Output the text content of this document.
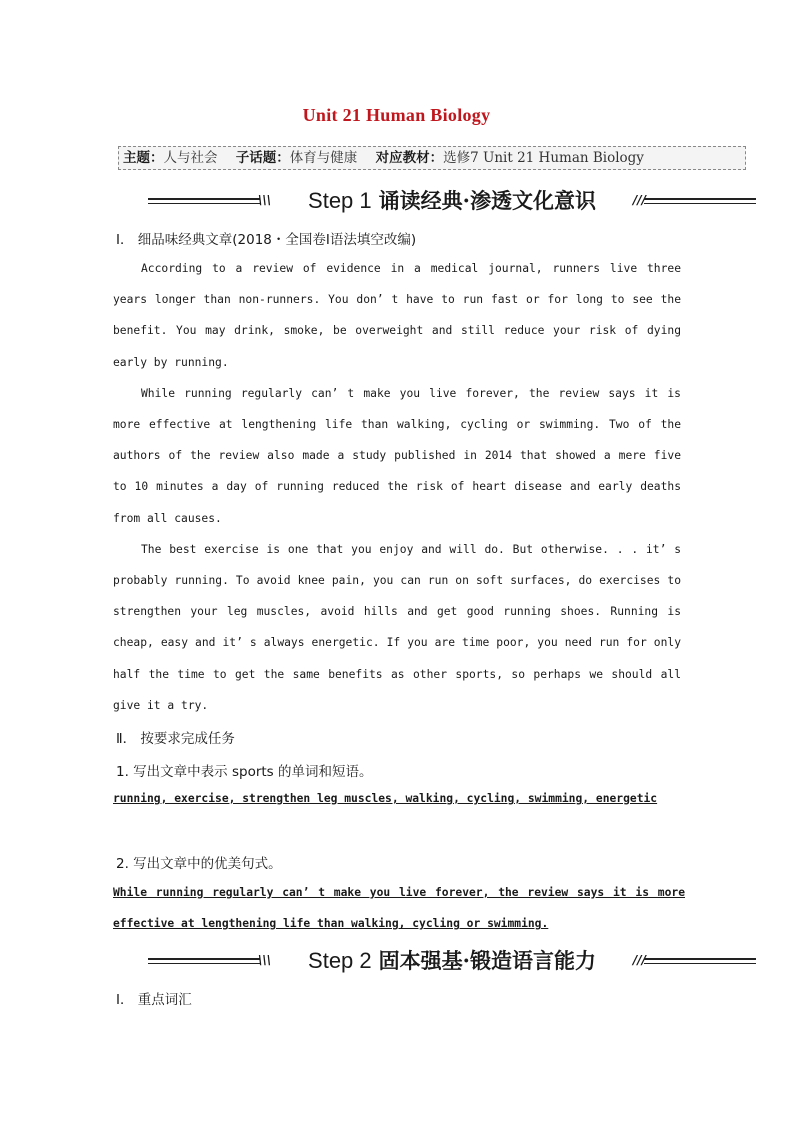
Unit 21 Human Biology
主题：人与社会 子话题：体育与健康 对应教材：选修7 Unit 21 Human Biology
\\\	Step 1 诵读经典·渗透文化意识	///
Ⅰ． 细品味经典文章(2018・全国卷Ⅰ语法填空改编)

According to a review of evidence in a medical journal, runners live three years longer than non-runners. You don’ t have to run fast or for long to see the benefit. You may drink, smoke, be overweight and still reduce your risk of dying early by running.

While running regularly can’ t make you live forever, the review says it is more effective at lengthening life than walking, cycling or swimming. Two of the authors of the review also made a study published in 2014 that showed a mere five to 10 minutes a day of running reduced the risk of heart disease and early deaths from all causes.

The best exercise is one that you enjoy and will do. But otherwise. . . it’ s probably running. To avoid knee pain, you can run on soft surfaces, do exercises to strengthen your leg muscles, avoid hills and get good running shoes. Running is cheap, easy and it’ s always energetic. If you are time poor, you need run for only half the time to get the same benefits as other sports, so perhaps we should all give it a try.

Ⅱ． 按要求完成任务
1. 写出文章中表示 sports 的单词和短语。
running, exercise, strengthen leg muscles, walking, cycling, swimming, energetic
2. 写出文章中的优美句式。
While running regularly can’ t make you live forever, the review says it is more effective at lengthening life than walking, cycling or swimming.
\\\	Step 2 固本强基·锻造语言能力	///
Ⅰ． 重点词汇
